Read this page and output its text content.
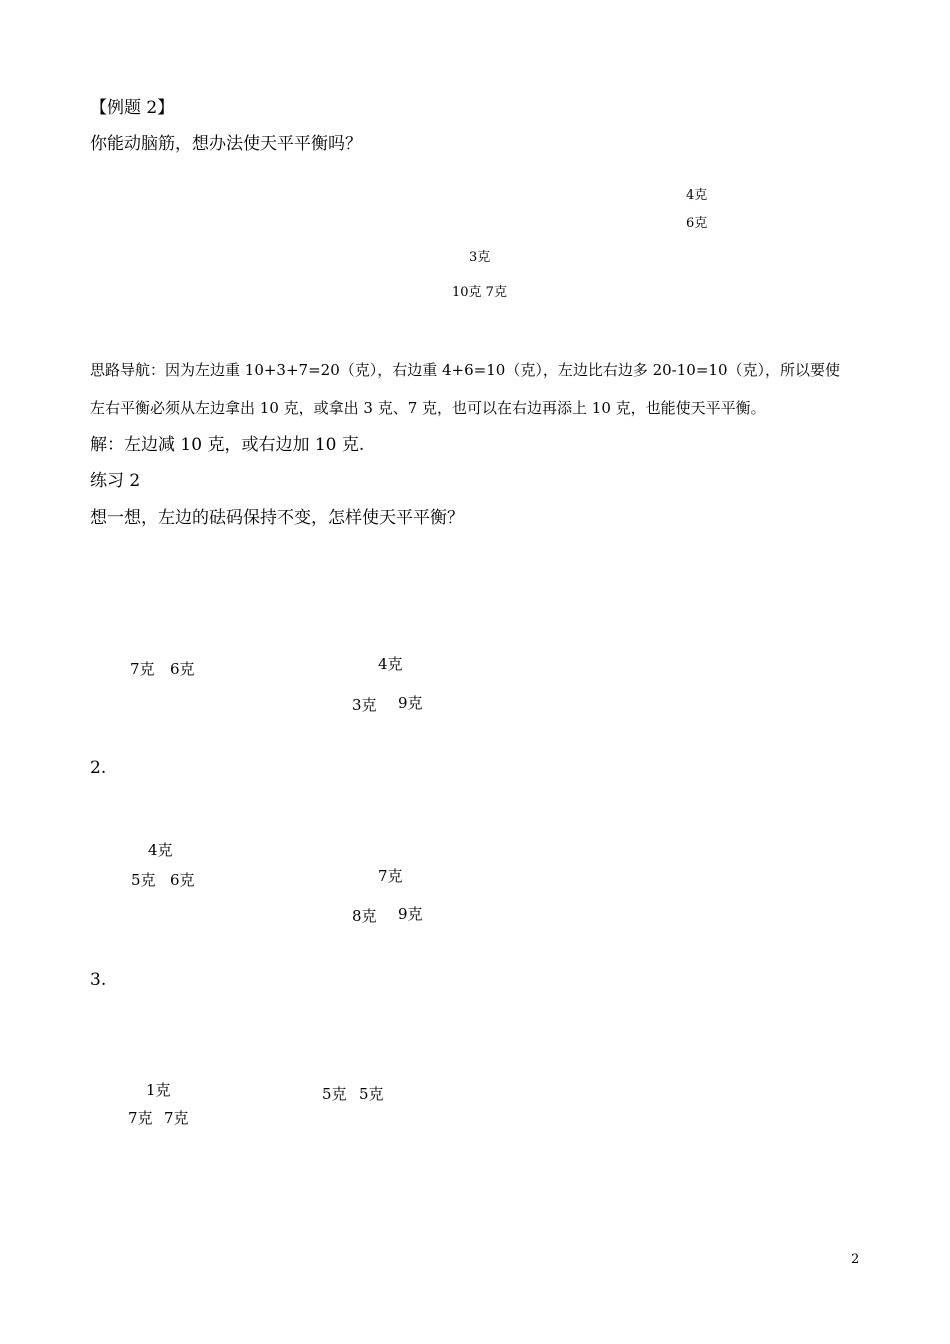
【例题 2】
你能动脑筋，想办法使天平平衡吗？
4克
6克
3克
10克 7克
思路导航：因为左边重 10+3+7=20（克），右边重 4+6=10（克），左边比右边多 20-10=10（克），所以要使
左右平衡必须从左边拿出 10 克，或拿出 3 克、7 克，也可以在右边再添上 10 克，也能使天平平衡。
解：左边减 10 克，或右边加 10 克.
练习 2
想一想，左边的砝码保持不变，怎样使天平平衡？
7克 6克	4克
3克 9克
2.
4克
5克 6克	7克
8克 9克
3.
1克
7克 7克
5克 5克
2
